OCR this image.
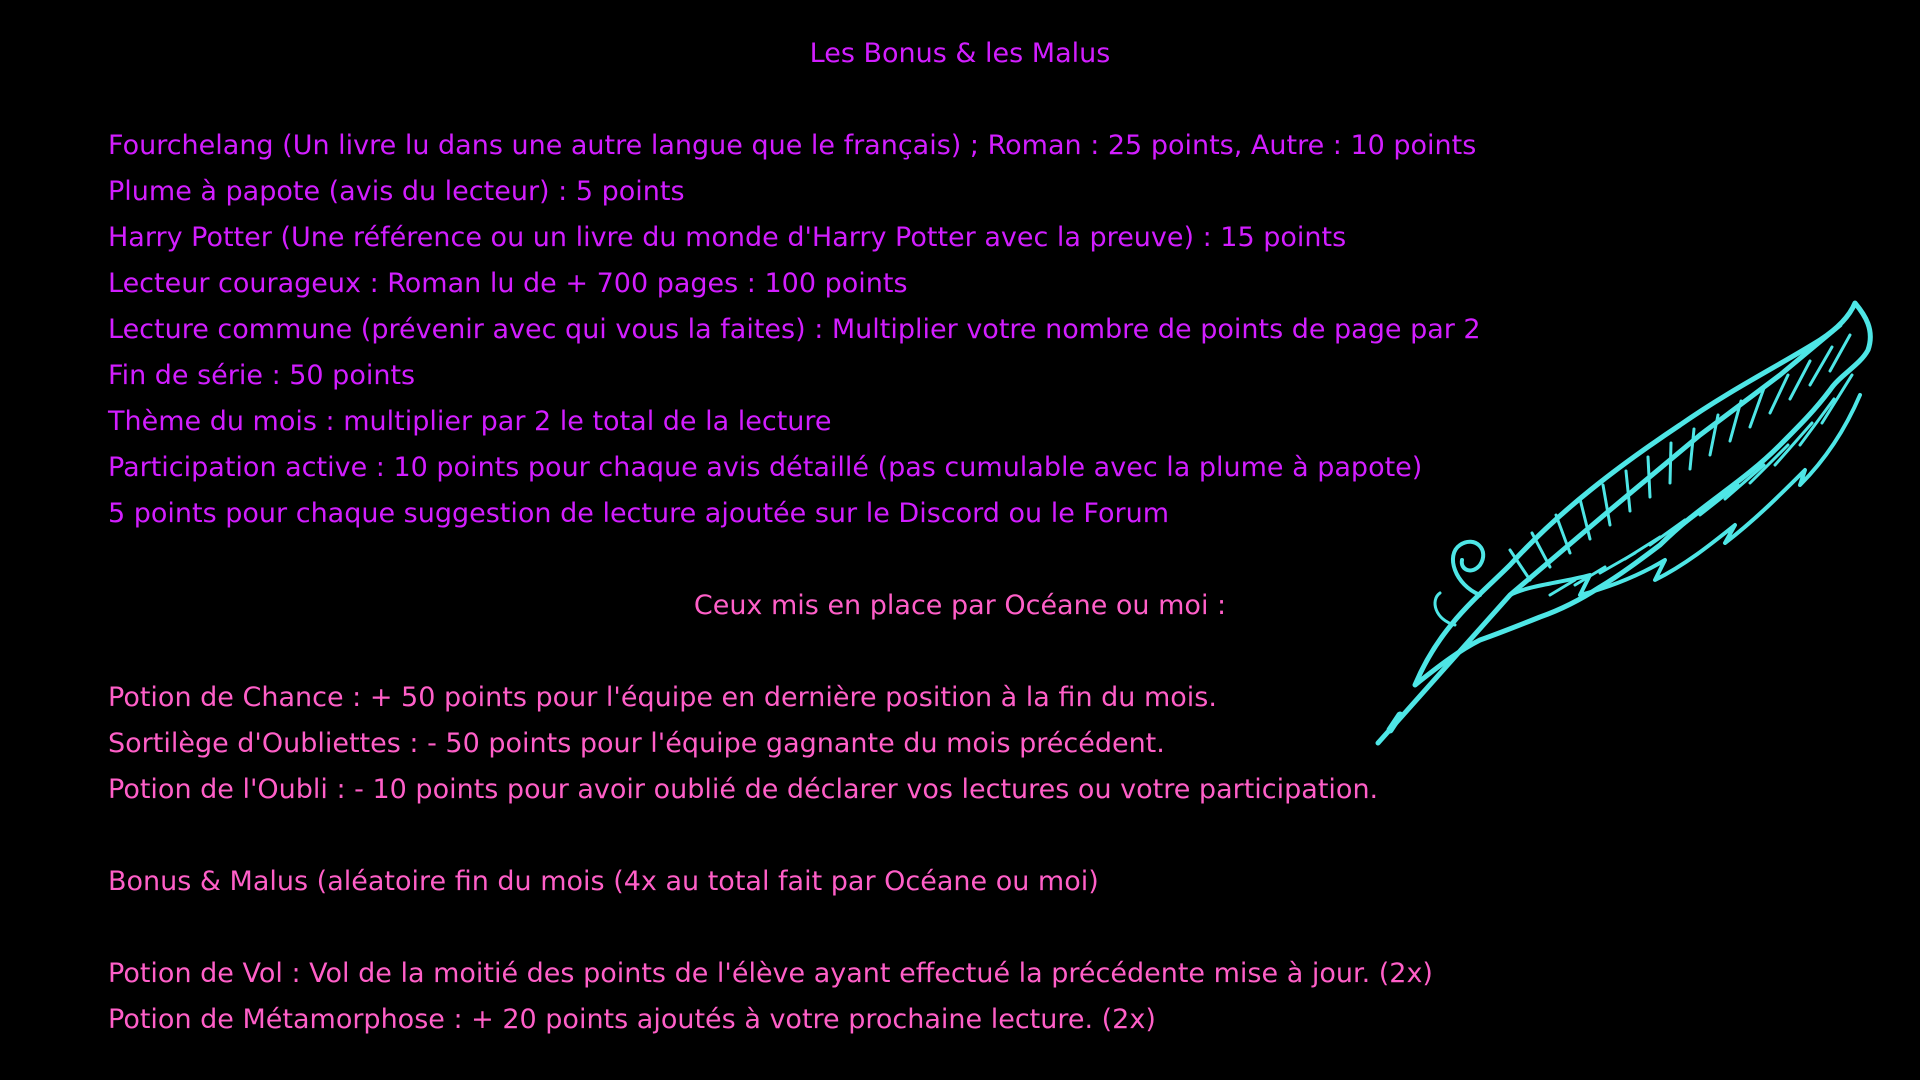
Les Bonus & les Malus
Fourchelang (Un livre lu dans une autre langue que le français) ; Roman : 25 points, Autre : 10 points
Plume à papote (avis du lecteur) : 5 points
Harry Potter (Une référence ou un livre du monde d'Harry Potter avec la preuve) : 15 points
Lecteur courageux : Roman lu de + 700 pages : 100 points
Lecture commune (prévenir avec qui vous la faites) : Multiplier votre nombre de points de page par 2
Fin de série : 50 points
Thème du mois : multiplier par 2 le total de la lecture
Participation active : 10 points pour chaque avis détaillé (pas cumulable avec la plume à papote)
5 points pour chaque suggestion de lecture ajoutée sur le Discord ou le Forum
Ceux mis en place par Océane ou moi :
Potion de Chance : + 50 points pour l'équipe en dernière position à la fin du mois.
Sortilège d'Oubliettes : - 50 points pour l'équipe gagnante du mois précédent.
Potion de l'Oubli : - 10 points pour avoir oublié de déclarer vos lectures ou votre participation.
Bonus & Malus (aléatoire fin du mois (4x au total fait par Océane ou moi)
Potion de Vol : Vol de la moitié des points de l'élève ayant effectué la précédente mise à jour. (2x)
Potion de Métamorphose : + 20 points ajoutés à votre prochaine lecture. (2x)
